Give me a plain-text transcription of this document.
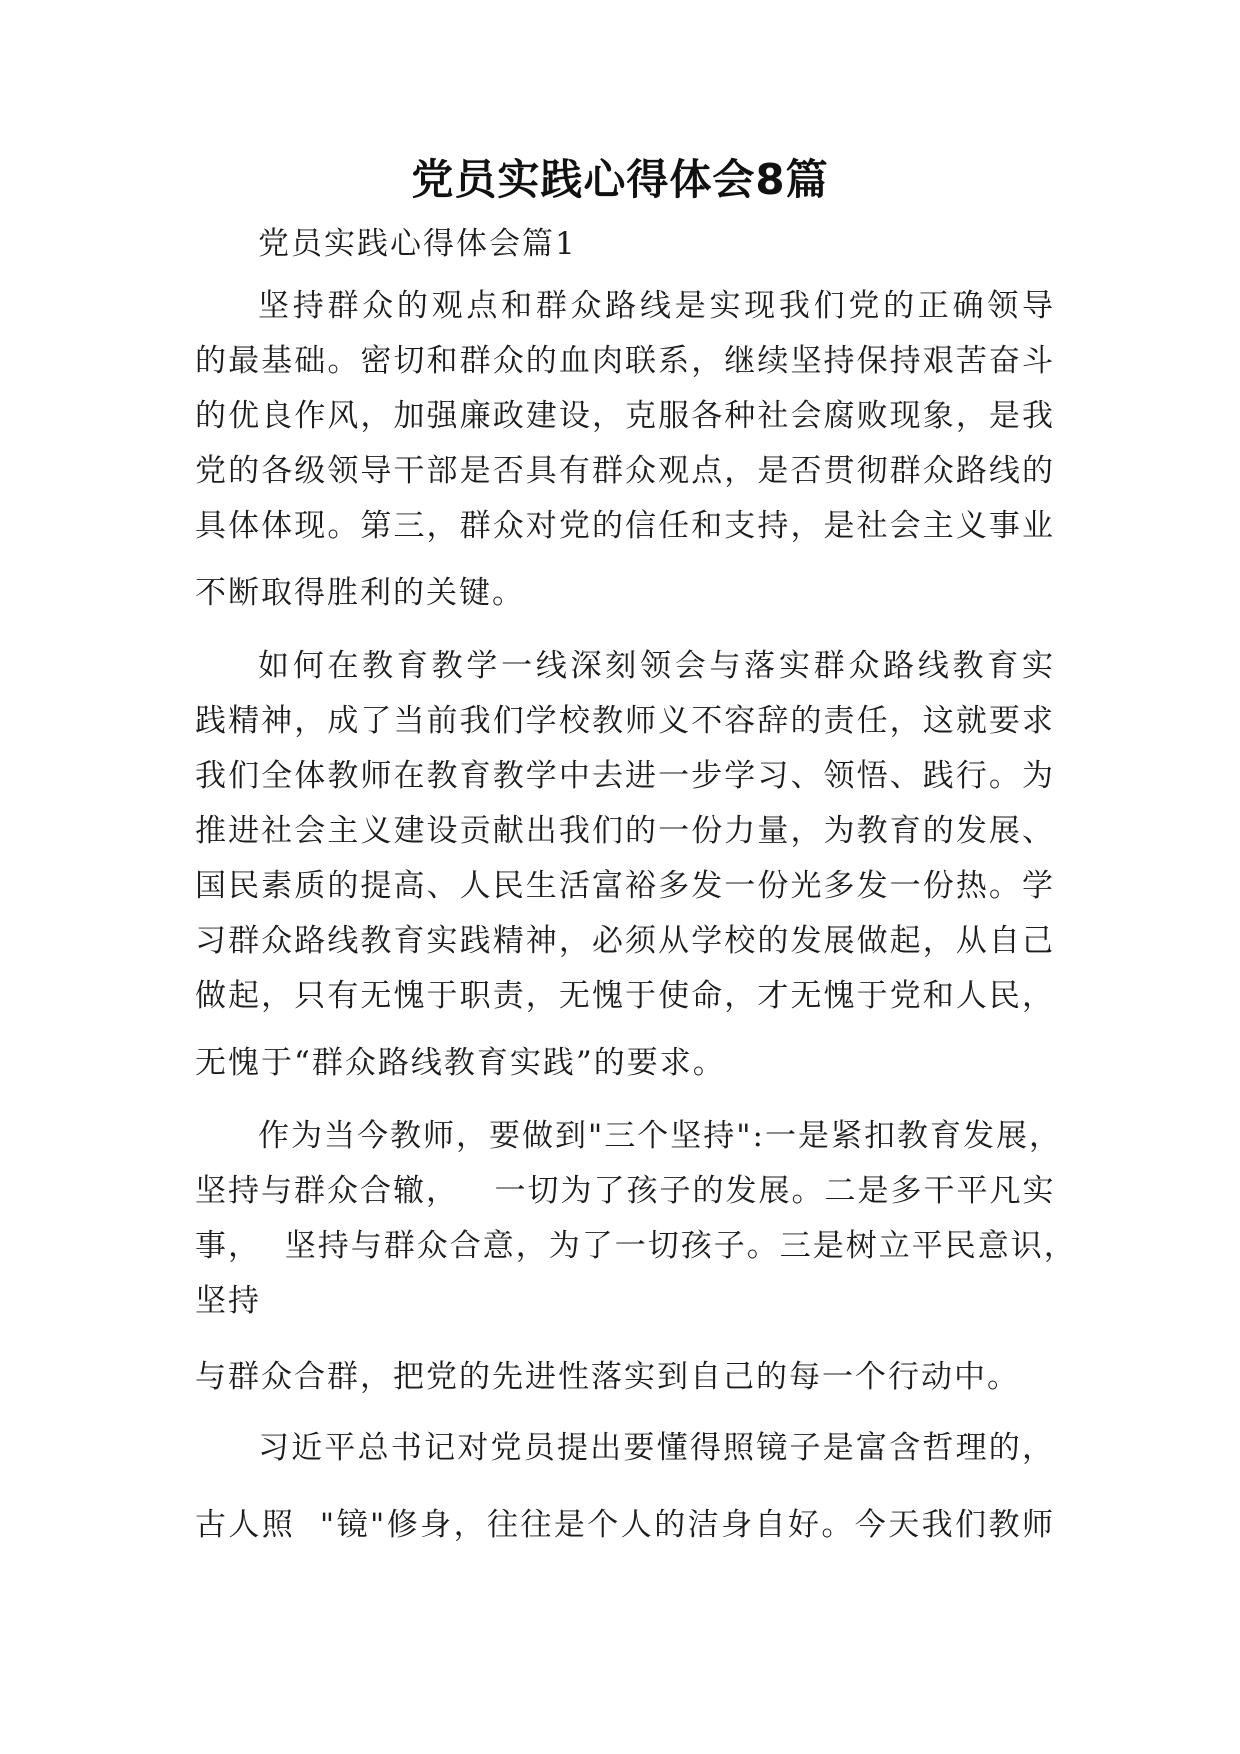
党员实践心得体会8篇
党员实践心得体会篇1
坚持群众的观点和群众路线是实现我们党的正确领导
的最基础。密切和群众的血肉联系，继续坚持保持艰苦奋斗
的优良作风，加强廉政建设，克服各种社会腐败现象，是我
党的各级领导干部是否具有群众观点，是否贯彻群众路线的
具体体现。第三，群众对党的信任和支持，是社会主义事业
不断取得胜利的关键。
如何在教育教学一线深刻领会与落实群众路线教育实
践精神，成了当前我们学校教师义不容辞的责任，这就要求
我们全体教师在教育教学中去进一步学习、领悟、践行。为
推进社会主义建设贡献出我们的一份力量，为教育的发展、
国民素质的提高、人民生活富裕多发一份光多发一份热。学
习群众路线教育实践精神，必须从学校的发展做起，从自己
做起，只有无愧于职责，无愧于使命，才无愧于党和人民，
无愧于“群众路线教育实践”的要求。
作为当今教师，要做到"三个坚持":一是紧扣教育发展，
坚持与群众合辙，   一切为了孩子的发展。二是多干平凡实
事，  坚持与群众合意，为了一切孩子。三是树立平民意识，
坚持
与群众合群，把党的先进性落实到自己的每一个行动中。
习近平总书记对党员提出要懂得照镜子是富含哲理的，
古人照  "镜"修身，往往是个人的洁身自好。今天我们教师
